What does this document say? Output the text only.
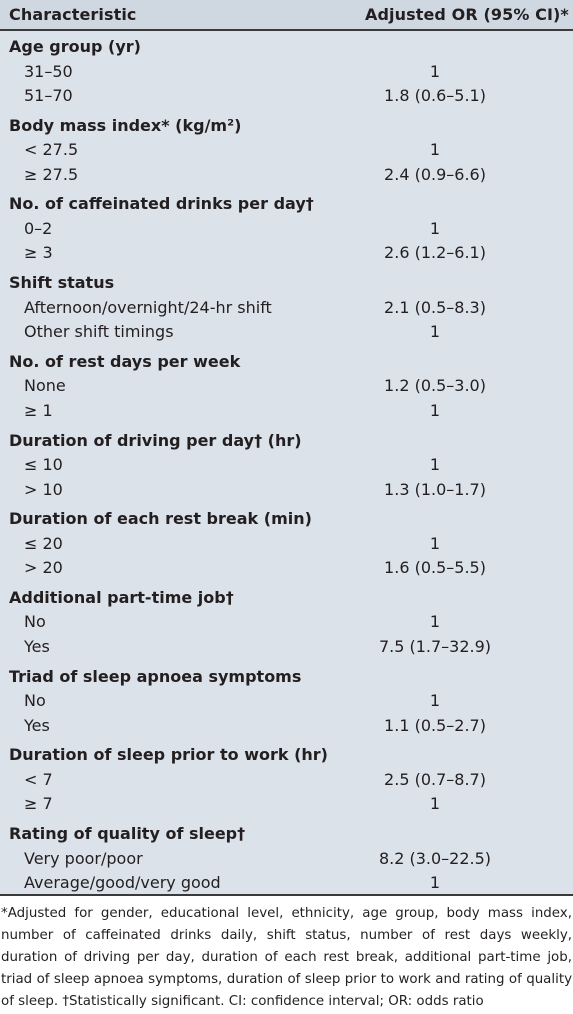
Characteristic	Adjusted OR (95% CI)*
Age group (yr)
31–50	1
51–70	1.8 (0.6–5.1)
Body mass index* (kg/m²)
< 27.5	1
≥ 27.5	2.4 (0.9–6.6)
No. of caffeinated drinks per day†
0–2	1
≥ 3	2.6 (1.2–6.1)
Shift status
Afternoon/overnight/24-hr shift	2.1 (0.5–8.3)
Other shift timings	1
No. of rest days per week
None	1.2 (0.5–3.0)
≥ 1	1
Duration of driving per day† (hr)
≤ 10	1
> 10	1.3 (1.0–1.7)
Duration of each rest break (min)
≤ 20	1
> 20	1.6 (0.5–5.5)
Additional part-time job†
No	1
Yes	7.5 (1.7–32.9)
Triad of sleep apnoea symptoms
No	1
Yes	1.1 (0.5–2.7)
Duration of sleep prior to work (hr)
< 7	2.5 (0.7–8.7)
≥ 7	1
Rating of quality of sleep†
Very poor/poor	8.2 (3.0–22.5)
Average/good/very good	1
*Adjusted for gender, educational level, ethnicity, age group, body mass index, number of caffeinated drinks daily, shift status, number of rest days weekly, duration of driving per day, duration of each rest break, additional part-time job, triad of sleep apnoea symptoms, duration of sleep prior to work and rating of quality of sleep. †Statistically significant. CI: confidence interval; OR: odds ratio
